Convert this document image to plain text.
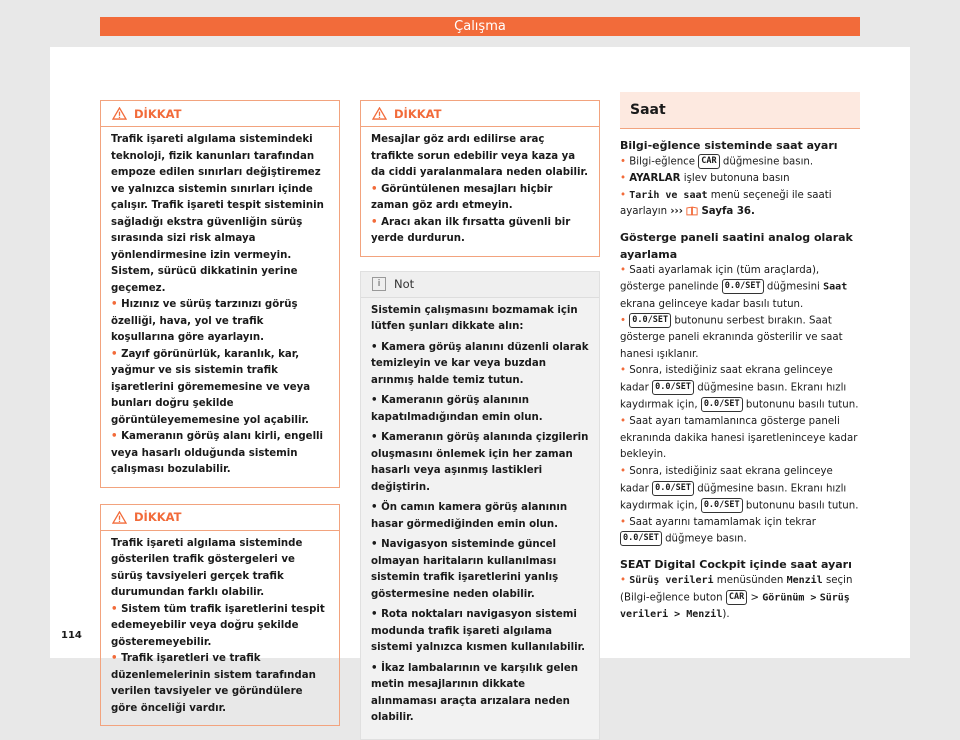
Çalışma
DİKKAT

Trafik işareti algılama sistemindeki teknoloji, fizik kanunları tarafından empoze edilen sınırları değiştiremez ve yalnızca sistemin sınırları içinde çalışır. Trafik işareti tespit sisteminin sağladığı ekstra güvenliğin sürüş sırasında sizi risk almaya yönlendirmesine izin vermeyin. Sistem, sürücü dikkatinin yerine geçemez.

• Hızınız ve sürüş tarzınızı görüş özelliği, hava, yol ve trafik koşullarına göre ayarlayın.

• Zayıf görünürlük, karanlık, kar, yağmur ve sis sistemin trafik işaretlerini görememesine ve veya bunları doğru şekilde görüntüleyememesine yol açabilir.

• Kameranın görüş alanı kirli, engelli veya hasarlı olduğunda sistemin çalışması bozulabilir.

DİKKAT

Trafik işareti algılama sisteminde gösterilen trafik göstergeleri ve sürüş tavsiyeleri gerçek trafik durumundan farklı olabilir.

• Sistem tüm trafik işaretlerini tespit edemeyebilir veya doğru şekilde gösteremeyebilir.

• Trafik işaretleri ve trafik düzenlemelerinin sistem tarafından verilen tavsiyeler ve göründülere göre önceliği vardır.

DİKKAT

Mesajlar göz ardı edilirse araç trafikte sorun edebilir veya kaza ya da ciddi yaralanmalara neden olabilir.

• Görüntülenen mesajları hiçbir zaman göz ardı etmeyin.

• Aracı akan ilk fırsatta güvenli bir yerde durdurun.

i	Not

Sistemin çalışmasını bozmamak için lütfen şunları dikkate alın:

• Kamera görüş alanını düzenli olarak temizleyin ve kar veya buzdan arınmış halde temiz tutun.

• Kameranın görüş alanının kapatılmadığından emin olun.

• Kameranın görüş alanında çizgilerin oluşmasını önlemek için her zaman hasarlı veya aşınmış lastikleri değiştirin.

• Ön camın kamera görüş alanının hasar görmediğinden emin olun.

• Navigasyon sisteminde güncel olmayan haritaların kullanılması sistemin trafik işaretlerini yanlış göstermesine neden olabilir.

• Rota noktaları navigasyon sistemi modunda trafik işareti algılama sistemi yalnızca kısmen kullanılabilir.

• İkaz lambalarının ve karşılık gelen metin mesajlarının dikkate alınmaması araçta arızalara neden olabilir.

Saat

Bilgi-eğlence sisteminde saat ayarı

• Bilgi-eğlence CAR düğmesine basın.

• AYARLAR işlev butonuna basın

• Tarih ve saat menü seçeneği ile saati ayarlayın ››› Sayfa 36.

Gösterge paneli saatini analog olarak ayarlama

• Saati ayarlamak için (tüm araçlarda), gösterge panelinde 0.0/SET düğmesini Saat ekrana gelinceye kadar basılı tutun.

• 0.0/SET butonunu serbest bırakın. Saat gösterge paneli ekranında gösterilir ve saat hanesi ışıklanır.

• Sonra, istediğiniz saat ekrana gelinceye kadar 0.0/SET düğmesine basın. Ekranı hızlı kaydırmak için, 0.0/SET butonunu basılı tutun.

• Saat ayarı tamamlanınca gösterge paneli ekranında dakika hanesi işaretleninceye kadar bekleyin.

• Sonra, istediğiniz saat ekrana gelinceye kadar 0.0/SET düğmesine basın. Ekranı hızlı kaydırmak için, 0.0/SET butonunu basılı tutun.

• Saat ayarını tamamlamak için tekrar 0.0/SET düğmeye basın.

SEAT Digital Cockpit içinde saat ayarı

• Sürüş verileri menüsünden Menzil seçin (Bilgi-eğlence buton CAR > Görünüm > Sürüş verileri > Menzil).

114
